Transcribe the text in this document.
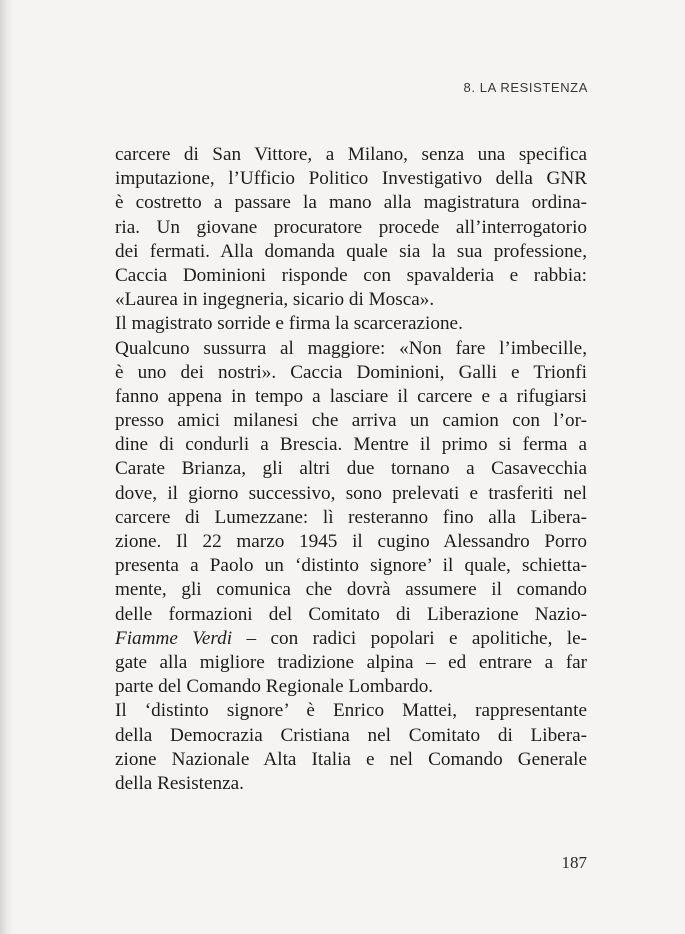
8. LA RESISTENZA
carcere di San Vittore, a Milano, senza una specifica
imputazione, l’Ufficio Politico Investigativo della GNR
è costretto a passare la mano alla magistratura ordina-
ria. Un giovane procuratore procede all’interrogatorio
dei fermati. Alla domanda quale sia la sua professione,
Caccia Dominioni risponde con spavalderia e rabbia:
«Laurea in ingegneria, sicario di Mosca».
Il magistrato sorride e firma la scarcerazione.
Qualcuno sussurra al maggiore: «Non fare l’imbecille,
è uno dei nostri». Caccia Dominioni, Galli e Trionfi
fanno appena in tempo a lasciare il carcere e a rifugiarsi
presso amici milanesi che arriva un camion con l’or-
dine di condurli a Brescia. Mentre il primo si ferma a
Carate Brianza, gli altri due tornano a Casavecchia
dove, il giorno successivo, sono prelevati e trasferiti nel
carcere di Lumezzane: lì resteranno fino alla Libera-
zione. Il 22 marzo 1945 il cugino Alessandro Porro
presenta a Paolo un ‘distinto signore’ il quale, schietta-
mente, gli comunica che dovrà assumere il comando
delle formazioni del Comitato di Liberazione Nazio-
Fiamme Verdi – con radici popolari e apolitiche, le-
gate alla migliore tradizione alpina – ed entrare a far
parte del Comando Regionale Lombardo.
Il ‘distinto signore’ è Enrico Mattei, rappresentante
della Democrazia Cristiana nel Comitato di Libera-
zione Nazionale Alta Italia e nel Comando Generale
della Resistenza.
187
